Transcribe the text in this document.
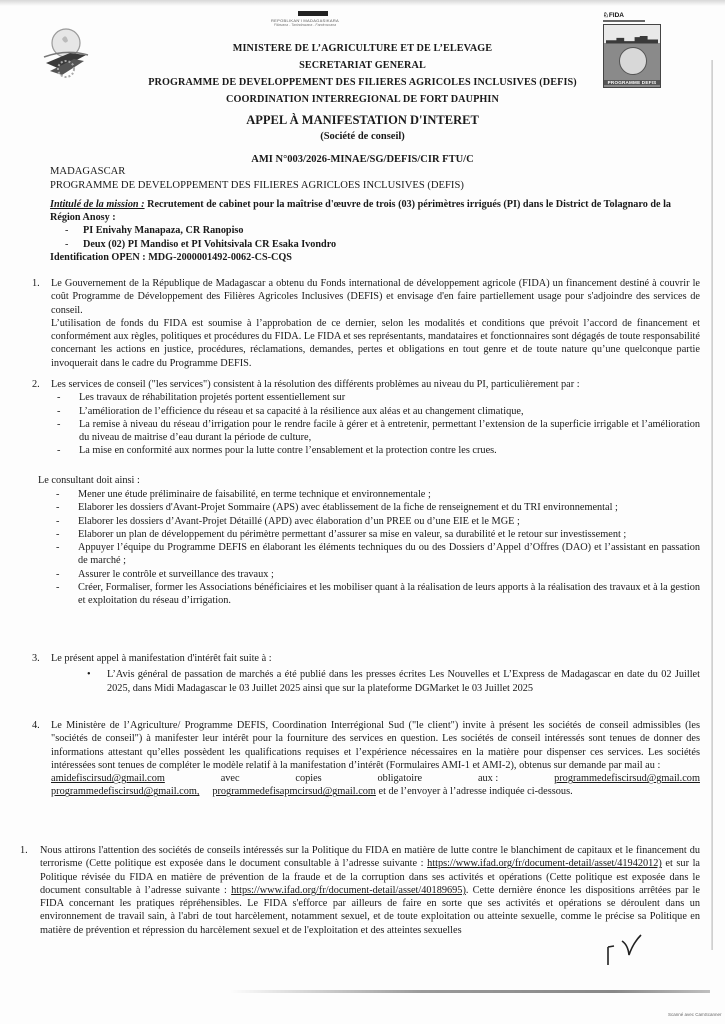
REPOBLIKAN'I MADAGASIKARA
Fitiavana - Tanindrazana - Fandrosoana
MINISTERE DE L’AGRICULTURE ET DE L’ELEVAGE
SECRETARIAT GENERAL
PROGRAMME DE DEVELOPPEMENT DES FILIERES AGRICOLES INCLUSIVES (DEFIS)
COORDINATION INTERREGIONAL DE FORT DAUPHIN
♘FIDA
PROGRAMME DEFIS
APPEL À MANIFESTATION D'INTERET
(Société de conseil)
AMI N°003/2026-MINAE/SG/DEFIS/CIR FTU/C
MADAGASCAR
PROGRAMME DE DEVELOPPEMENT DES FILIERES AGRICLOES INCLUSIVES (DEFIS)
Intitulé de la mission : Recrutement de cabinet pour la maîtrise d'œuvre de trois (03) périmètres irrigués (PI) dans le District de Tolagnaro de la Région Anosy :
- PI Enivahy Manapaza, CR Ranopiso
- Deux (02) PI Mandiso et PI Vohitsivala CR Esaka Ivondro
Identification OPEN : MDG-2000001492-0062-CS-CQS
1. Le Gouvernement de la République de Madagascar a obtenu du Fonds international de développement agricole (FIDA) un financement destiné à couvrir le coût Programme de Développement des Filières Agricoles Inclusives (DEFIS) et envisage d'en faire partiellement usage pour s'adjoindre des services de conseil.
L’utilisation de fonds du FIDA est soumise à l’approbation de ce dernier, selon les modalités et conditions que prévoit l’accord de financement et conformément aux règles, politiques et procédures du FIDA. Le FIDA et ses représentants, mandataires et fonctionnaires sont dégagés de toute responsabilité concernant les actions en justice, procédures, réclamations, demandes, pertes et obligations en tout genre et de toute nature qu’une quelconque partie invoquerait dans le cadre du Programme DEFIS.
2. Les services de conseil ("les services") consistent à la résolution des différents problèmes au niveau du PI, particulièrement par :
- Les travaux de réhabilitation projetés portent essentiellement sur
- L’amélioration de l’efficience du réseau et sa capacité à la résilience aux aléas et au changement climatique,
- La remise à niveau du réseau d’irrigation pour le rendre facile à gérer et à entretenir, permettant l’extension de la superficie irrigable et l’amélioration du niveau de maitrise d’eau durant la période de culture,
- La mise en conformité aux normes pour la lutte contre l’ensablement et la protection contre les crues.
Le consultant doit ainsi :
- Mener une étude préliminaire de faisabilité, en terme technique et environnementale ;
- Elaborer les dossiers d'Avant-Projet Sommaire (APS) avec établissement de la fiche de renseignement et du TRI environnemental ;
- Elaborer les dossiers d’Avant-Projet Détaillé (APD) avec élaboration d’un PREE ou d’une EIE et le MGE ;
- Elaborer un plan de développement du périmètre permettant d’assurer sa mise en valeur, sa durabilité et le retour sur investissement ;
- Appuyer l’équipe du Programme DEFIS en élaborant les éléments techniques du ou des Dossiers d’Appel d’Offres (DAO) et l’assistant en passation de marché ;
- Assurer le contrôle et surveillance des travaux ;
- Créer, Formaliser, former les Associations bénéficiaires et les mobiliser quant à la réalisation de leurs apports à la réalisation des travaux et à la gestion et exploitation du réseau d’irrigation.
3. Le présent appel à manifestation d'intérêt fait suite à :
• L’Avis général de passation de marchés a été publié dans les presses écrites Les Nouvelles et L’Express de Madagascar en date du 02 Juillet 2025, dans Midi Madagascar le 03 Juillet 2025 ainsi que sur la plateforme DGMarket le 03 Juillet 2025
4. Le Ministère de l’Agriculture/ Programme DEFIS, Coordination Interrégional Sud ("le client") invite à présent les sociétés de conseil admissibles (les "sociétés de conseil") à manifester leur intérêt pour la fourniture des services en question. Les sociétés de conseil intéressés sont tenues de donner des informations attestant qu’elles possèdent les qualifications requises et l’expérience nécessaires en la matière pour dispenser ces services. Les sociétés intéressées sont tenues de compléter le modèle relatif à la manifestation d’intérêt (Formulaires AMI-1 et AMI-2), obtenus sur demande par mail au :
amidefiscirsud@gmail.com	avec	copies	obligatoire	aux :	programmedefiscirsud@gmail.com
programmedefiscirsud@gmail.com, programmedefisapmcirsud@gmail.com et de l’envoyer à l’adresse indiquée ci-dessous.
1. Nous attirons l'attention des sociétés de conseils intéressés sur la Politique du FIDA en matière de lutte contre le blanchiment de capitaux et le financement du terrorisme (Cette politique est exposée dans le document consultable à l’adresse suivante : https://www.ifad.org/fr/document-detail/asset/41942012) et sur la Politique révisée du FIDA en matière de prévention de la fraude et de la corruption dans ses activités et opérations (Cette politique est exposée dans le document consultable à l’adresse suivante : https://www.ifad.org/fr/document-detail/asset/40189695). Cette dernière énonce les dispositions arrêtées par le FIDA concernant les pratiques répréhensibles. Le FIDA s'efforce par ailleurs de faire en sorte que ses activités et opérations se déroulent dans un environnement de travail sain, à l'abri de tout harcèlement, notamment sexuel, et de toute exploitation ou atteinte sexuelle, comme le précise sa Politique en matière de prévention et répression du harcèlement sexuel et de l'exploitation et des atteintes sexuelles
Scanné avec CamScanner
